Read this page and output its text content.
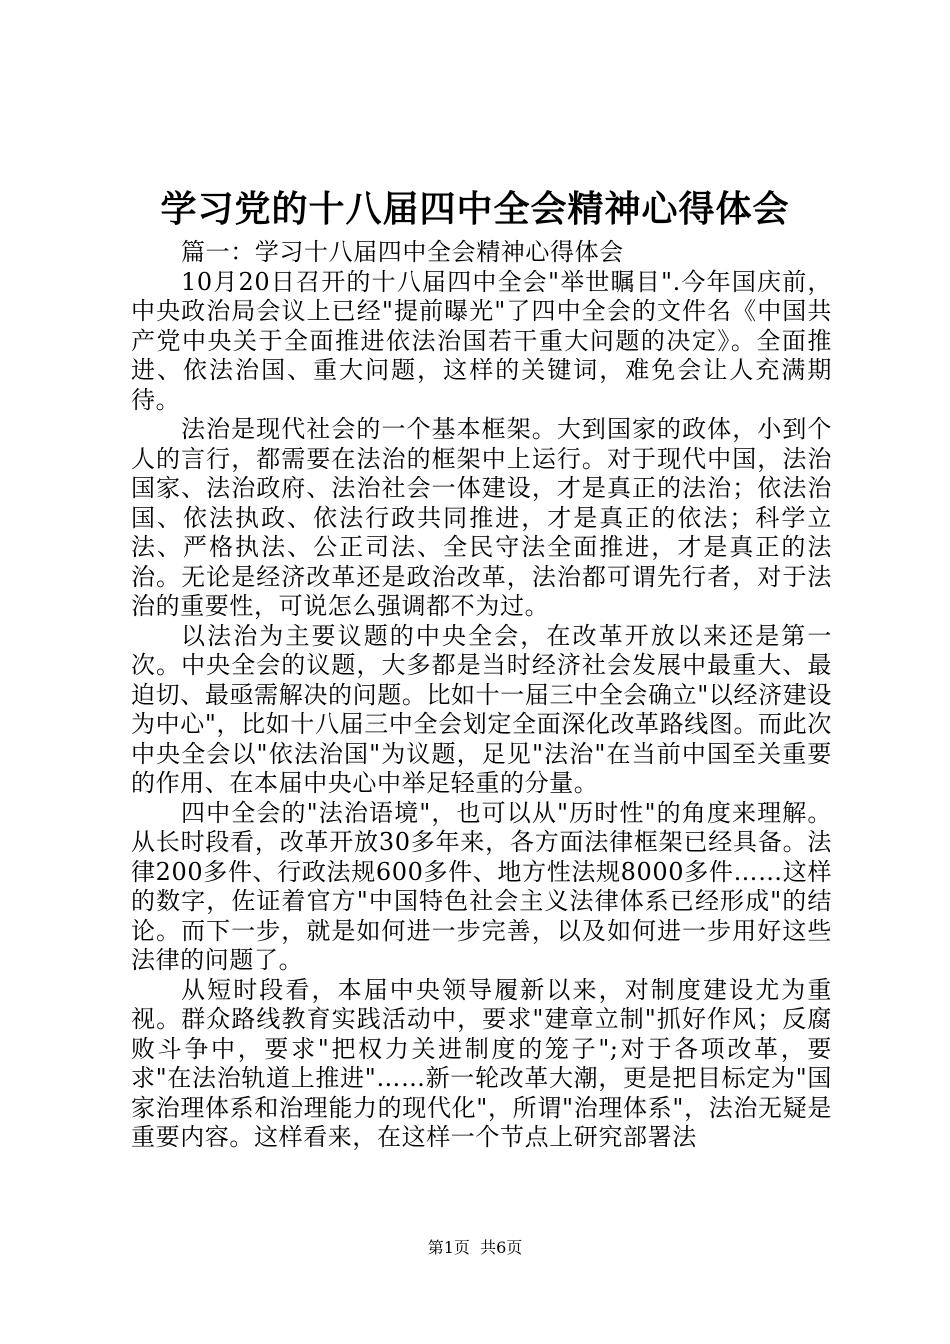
学习党的十八届四中全会精神心得体会

篇一：学习十八届四中全会精神心得体会

10月20日召开的十八届四中全会"举世瞩目".今年国庆前，中央政治局会议上已经"提前曝光"了四中全会的文件名《中国共产党中央关于全面推进依法治国若干重大问题的决定》。全面推进、依法治国、重大问题，这样的关键词，难免会让人充满期待。

法治是现代社会的一个基本框架。大到国家的政体，小到个人的言行，都需要在法治的框架中上运行。对于现代中国，法治国家、法治政府、法治社会一体建设，才是真正的法治；依法治国、依法执政、依法行政共同推进，才是真正的依法；科学立法、严格执法、公正司法、全民守法全面推进，才是真正的法治。无论是经济改革还是政治改革，法治都可谓先行者，对于法治的重要性，可说怎么强调都不为过。

以法治为主要议题的中央全会，在改革开放以来还是第一次。中央全会的议题，大多都是当时经济社会发展中最重大、最迫切、最亟需解决的问题。比如十一届三中全会确立"以经济建设为中心"，比如十八届三中全会划定全面深化改革路线图。而此次中央全会以"依法治国"为议题，足见"法治"在当前中国至关重要的作用、在本届中央心中举足轻重的分量。

四中全会的"法治语境"，也可以从"历时性"的角度来理解。从长时段看，改革开放30多年来，各方面法律框架已经具备。法律200多件、行政法规600多件、地方性法规8000多件……这样的数字，佐证着官方"中国特色社会主义法律体系已经形成"的结论。而下一步，就是如何进一步完善，以及如何进一步用好这些法律的问题了。

从短时段看，本届中央领导履新以来，对制度建设尤为重视。群众路线教育实践活动中，要求"建章立制"抓好作风；反腐败斗争中，要求"把权力关进制度的笼子";对于各项改革，要求"在法治轨道上推进"……新一轮改革大潮，更是把目标定为"国家治理体系和治理能力的现代化"，所谓"治理体系"，法治无疑是重要内容。这样看来，在这样一个节点上研究部署法

第1页  共6页
